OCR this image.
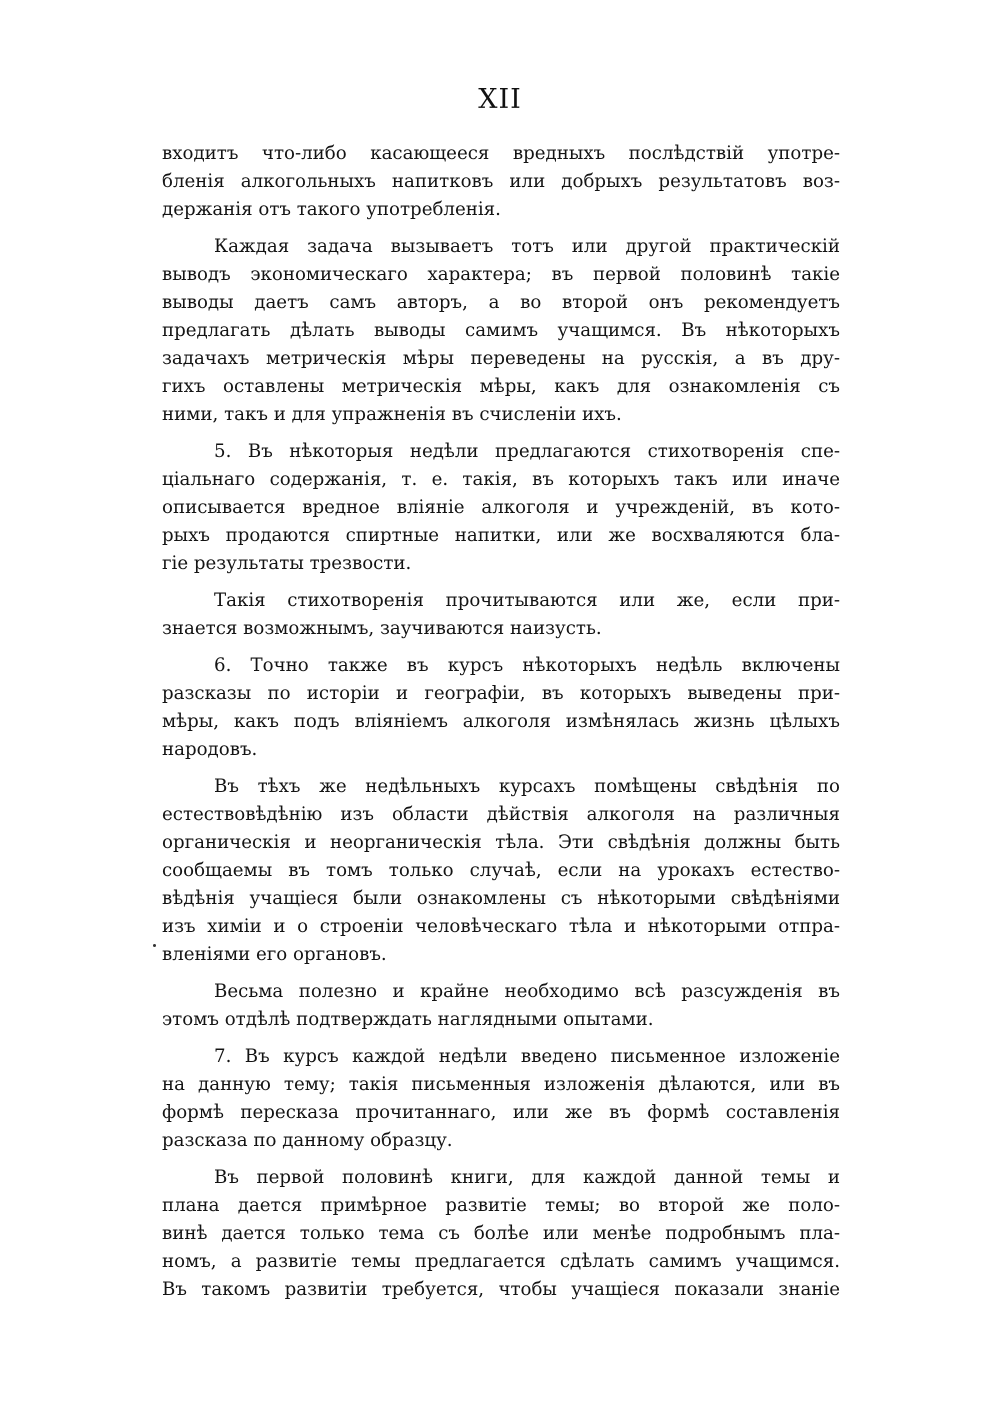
XII
входитъ что-либо касающееся вредныхъ послѣдствій употре-
бленія алкогольныхъ напитковъ или добрыхъ результатовъ воз-
держанія отъ такого употребленія.
Каждая задача вызываетъ тотъ или другой практическій
выводъ экономическаго характера; въ первой половинѣ такіе
выводы даетъ самъ авторъ, а во второй онъ рекомендуетъ
предлагать дѣлать выводы самимъ учащимся. Въ нѣкоторыхъ
задачахъ метрическія мѣры переведены на русскія, а въ дру-
гихъ оставлены метрическія мѣры, какъ для ознакомленія съ
ними, такъ и для упражненія въ счисленіи ихъ.
5. Въ нѣкоторыя недѣли предлагаются стихотворенія спе-
ціальнаго содержанія, т. е. такія, въ которыхъ такъ или иначе
описывается вредное вліяніе алкоголя и учрежденій, въ кото-
рыхъ продаются спиртные напитки, или же восхваляются бла-
гіе результаты трезвости.
Такія стихотворенія прочитываются или же, если при-
знается возможнымъ, заучиваются наизусть.
6. Точно также въ курсъ нѣкоторыхъ недѣль включены
разсказы по исторіи и географіи, въ которыхъ выведены при-
мѣры, какъ подъ вліяніемъ алкоголя измѣнялась жизнь цѣлыхъ
народовъ.
Въ тѣхъ же недѣльныхъ курсахъ помѣщены свѣдѣнія по
естествовѣдѣнію изъ области дѣйствія алкоголя на различныя
органическія и неорганическія тѣла. Эти свѣдѣнія должны быть
сообщаемы въ томъ только случаѣ, если на урокахъ естество-
вѣдѣнія учащіеся были ознакомлены съ нѣкоторыми свѣдѣніями
изъ химіи и о строеніи человѣческаго тѣла и нѣкоторыми отпра-
вленіями его органовъ.
Весьма полезно и крайне необходимо всѣ разсужденія въ
этомъ отдѣлѣ подтверждать наглядными опытами.
7. Въ курсъ каждой недѣли введено письменное изложеніе
на данную тему; такія письменныя изложенія дѣлаются, или въ
формѣ пересказа прочитаннаго, или же въ формѣ составленія
разсказа по данному образцу.
Въ первой половинѣ книги, для каждой данной темы и
плана дается примѣрное развитіе темы; во второй же поло-
винѣ дается только тема съ болѣе или менѣе подробнымъ пла-
номъ, а развитіе темы предлагается сдѣлать самимъ учащимся.
Въ такомъ развитіи требуется, чтобы учащіеся показали знаніе
